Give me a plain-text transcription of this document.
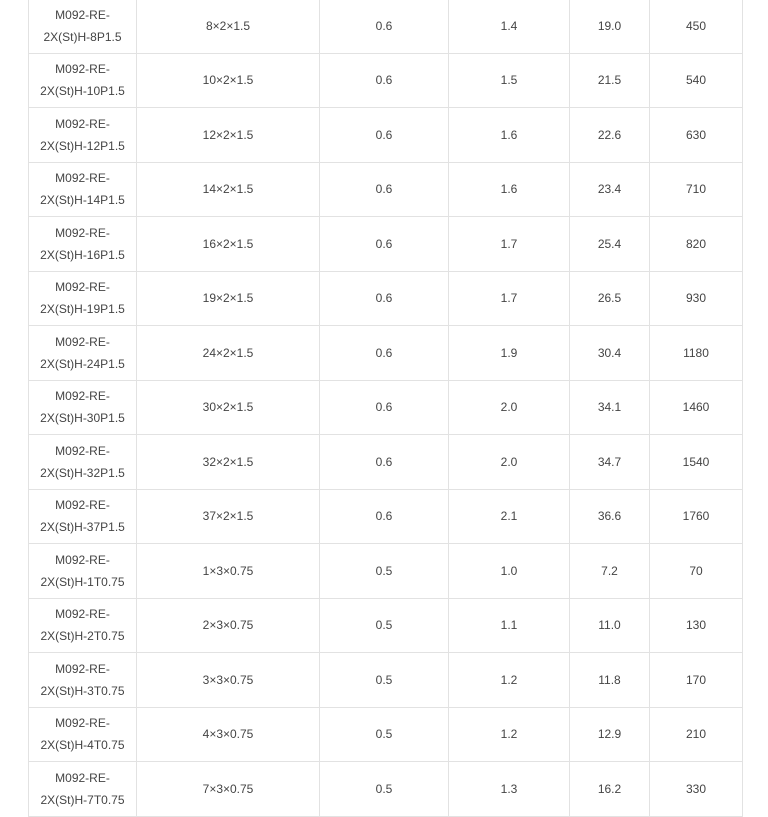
M092-RE-
2X(St)H-8P1.5	8×2×1.5	0.6	1.4	19.0	450

M092-RE-
2X(St)H-10P1.5	10×2×1.5	0.6	1.5	21.5	540

M092-RE-
2X(St)H-12P1.5	12×2×1.5	0.6	1.6	22.6	630

M092-RE-
2X(St)H-14P1.5	14×2×1.5	0.6	1.6	23.4	710

M092-RE-
2X(St)H-16P1.5	16×2×1.5	0.6	1.7	25.4	820

M092-RE-
2X(St)H-19P1.5	19×2×1.5	0.6	1.7	26.5	930

M092-RE-
2X(St)H-24P1.5	24×2×1.5	0.6	1.9	30.4	1180

M092-RE-
2X(St)H-30P1.5	30×2×1.5	0.6	2.0	34.1	1460

M092-RE-
2X(St)H-32P1.5	32×2×1.5	0.6	2.0	34.7	1540

M092-RE-
2X(St)H-37P1.5	37×2×1.5	0.6	2.1	36.6	1760

M092-RE-
2X(St)H-1T0.75	1×3×0.75	0.5	1.0	7.2	70

M092-RE-
2X(St)H-2T0.75	2×3×0.75	0.5	1.1	11.0	130

M092-RE-
2X(St)H-3T0.75	3×3×0.75	0.5	1.2	11.8	170

M092-RE-
2X(St)H-4T0.75	4×3×0.75	0.5	1.2	12.9	210

M092-RE-
2X(St)H-7T0.75	7×3×0.75	0.5	1.3	16.2	330
